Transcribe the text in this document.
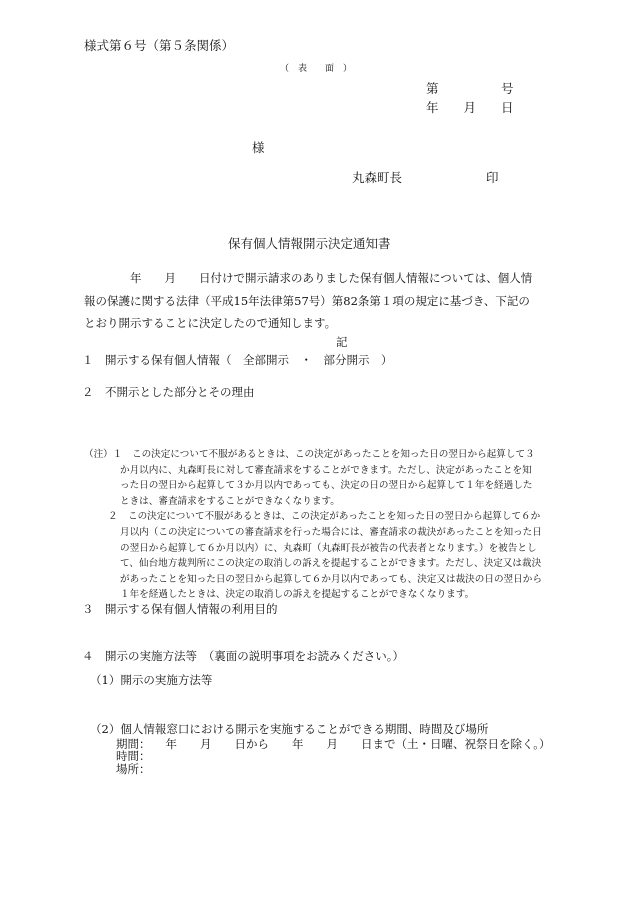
様式第６号（第５条関係）
（　表　　面　）
第　　　　　号
年　　月　　日
様
丸森町長	印
保有個人情報開示決定通知書
　　　　年　　月　　日付けで開示請求のありました保有個人情報については、個人情
報の保護に関する法律（平成15年法律第57号）第82条第１項の規定に基づき、下記の
とおり開示することに決定したので通知します。
記
１　開示する保有個人情報（　全部開示　・　部分開示　）
２　不開示とした部分とその理由
（注）１ この決定について不服があるときは、この決定があったことを知った日の翌日から起算して３
か月以内に、丸森町長に対して審査請求をすることができます。ただし、決定があったことを知
った日の翌日から起算して３か月以内であっても、決定の日の翌日から起算して１年を経過した
ときは、審査請求をすることができなくなります。
２ この決定について不服があるときは、この決定があったことを知った日の翌日から起算して６か
月以内（この決定についての審査請求を行った場合には、審査請求の裁決があったことを知った日
の翌日から起算して６か月以内）に、丸森町（丸森町長が被告の代表者となります。）を被告とし
て、仙台地方裁判所にこの決定の取消しの訴えを提起することができます。ただし、決定又は裁決
があったことを知った日の翌日から起算して６か月以内であっても、決定又は裁決の日の翌日から
１年を経過したときは、決定の取消しの訴えを提起することができなくなります。
３　開示する保有個人情報の利用目的
４　開示の実施方法等　（裏面の説明事項をお読みください。）
（1）開示の実施方法等
（2）個人情報窓口における開示を実施することができる期間、時間及び場所
期間： 　年　　月　　日から　　年　　月　　日まで（土・日曜、祝祭日を除く。）
時間：
場所：
